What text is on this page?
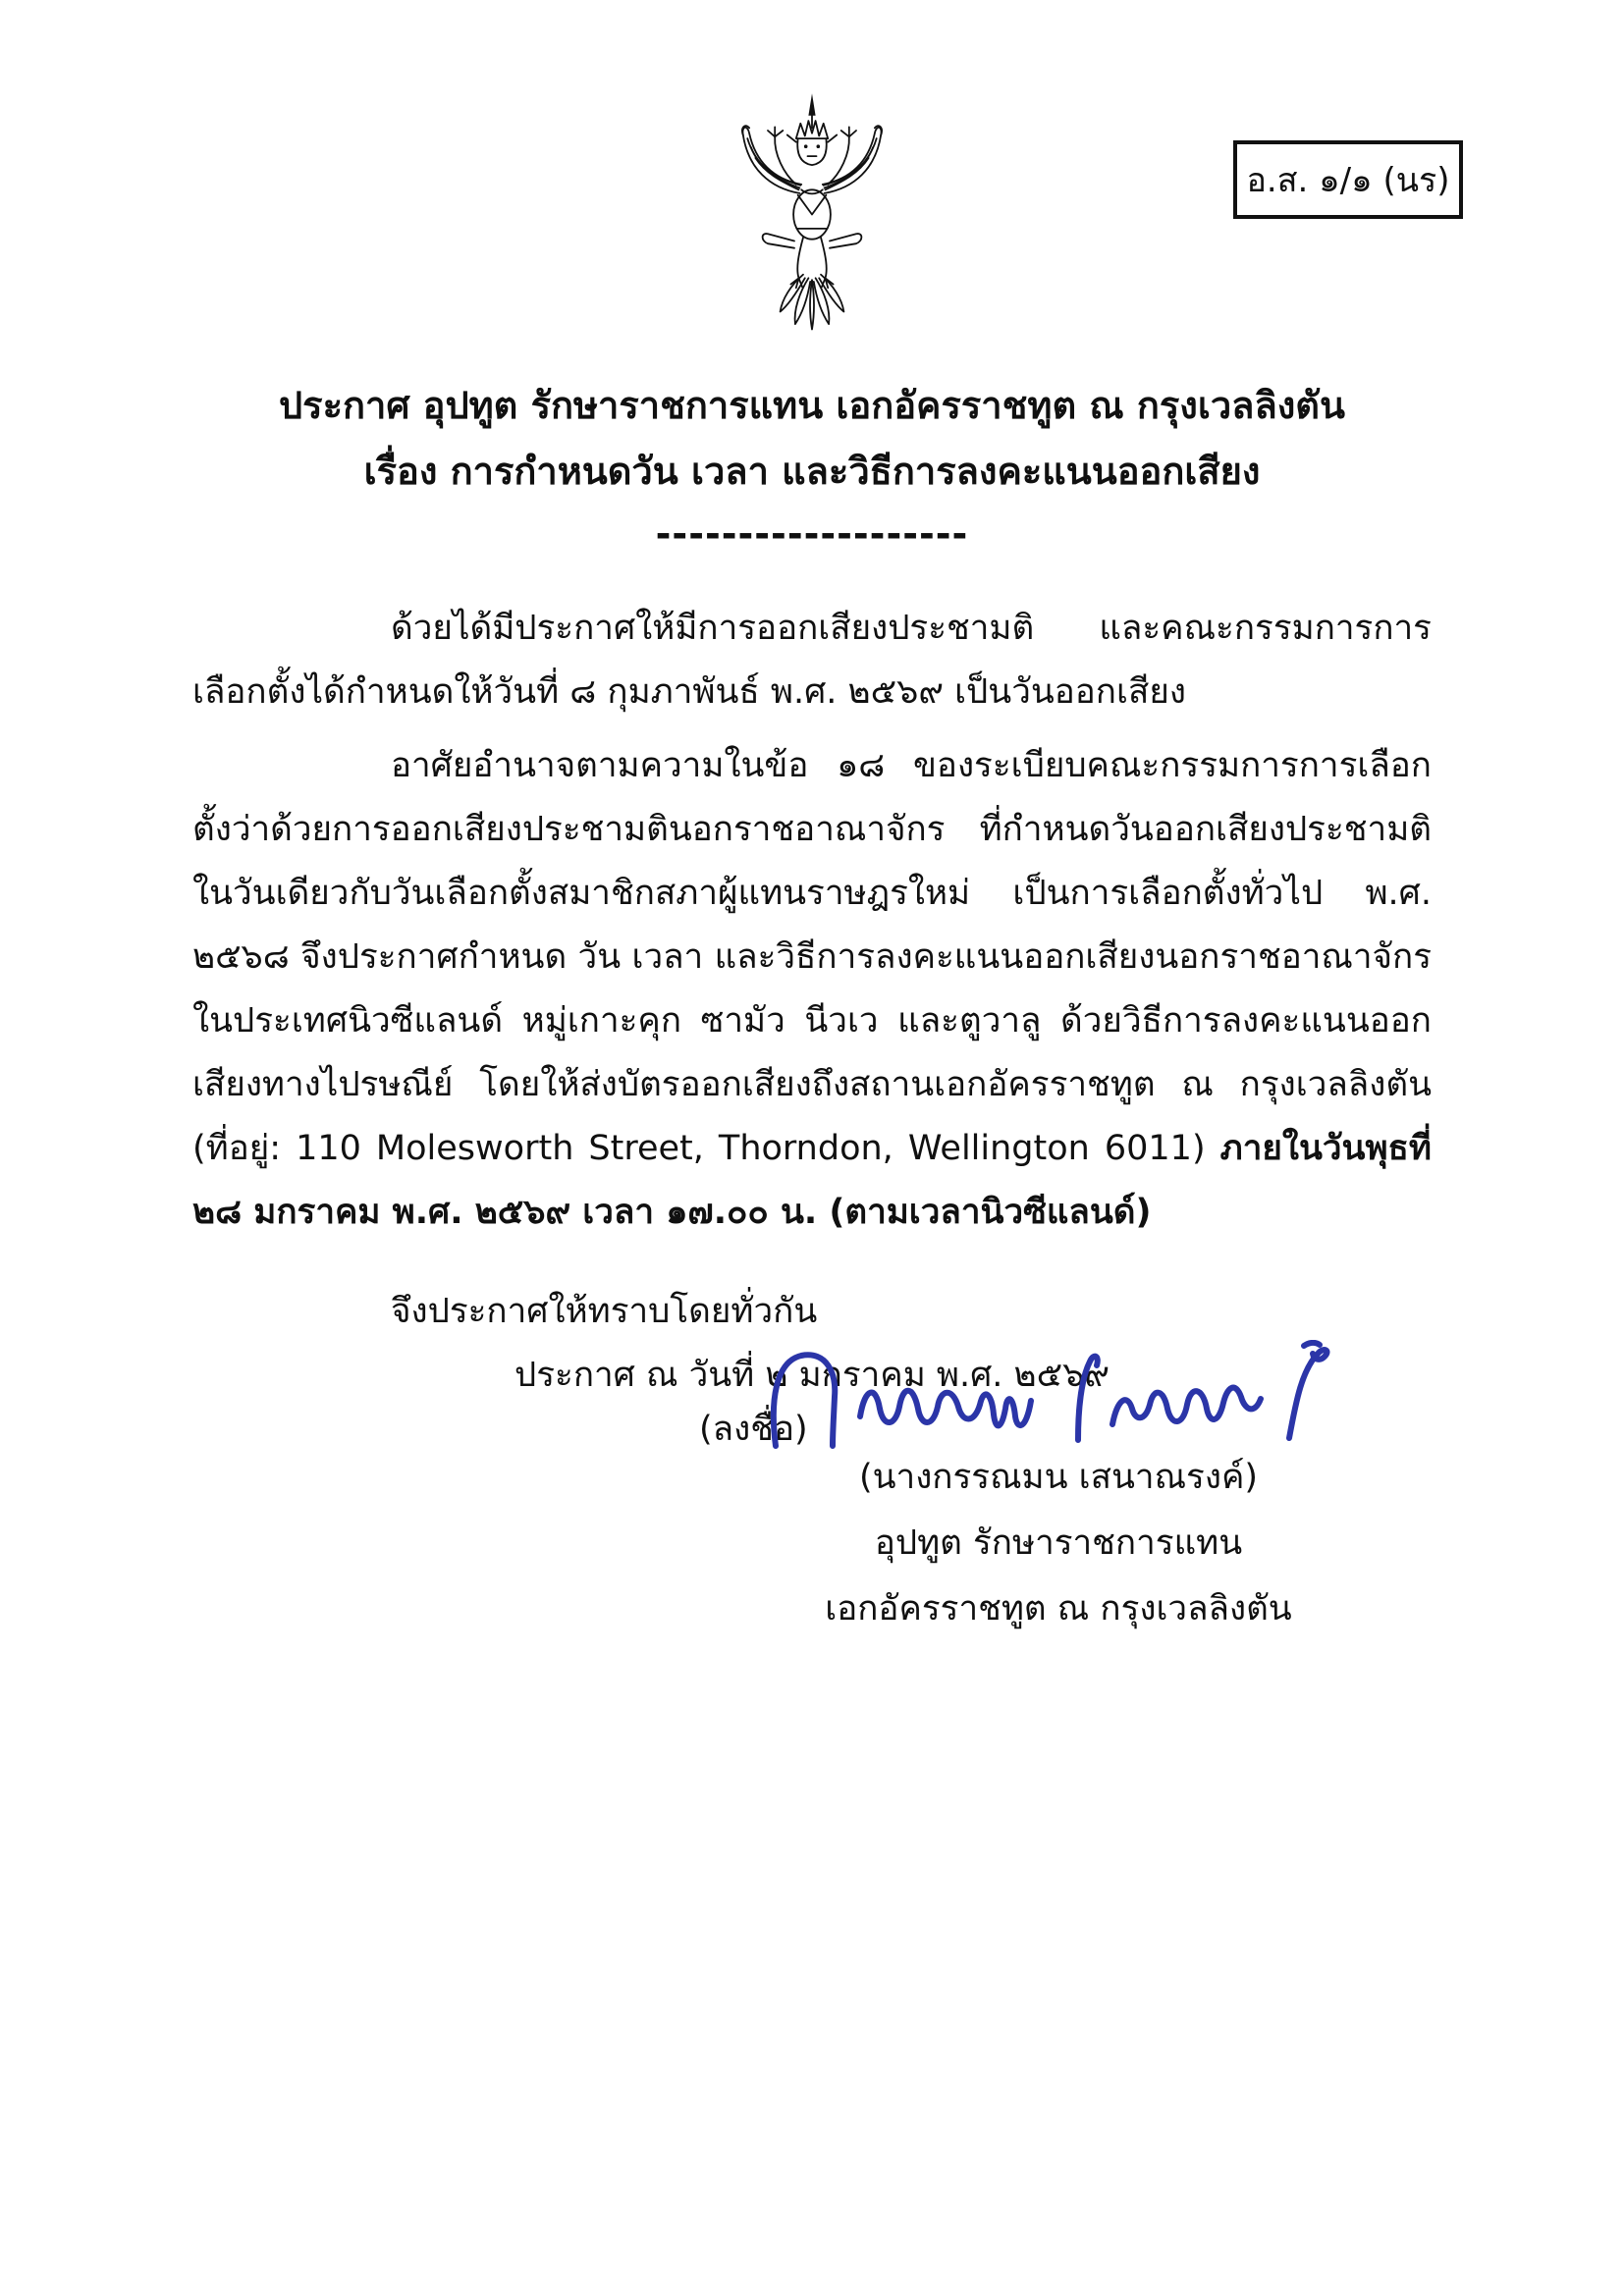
อ.ส. ๑/๑ (นร)
ประกาศ อุปทูต รักษาราชการแทน เอกอัครราชทูต ณ กรุงเวลลิงตัน
เรื่อง การกำหนดวัน เวลา และวิธีการลงคะแนนออกเสียง
-------------------

ด้วยได้มีประกาศให้มีการออกเสียงประชามติ และคณะกรรมการการเลือกตั้งได้กำหนดให้วันที่ ๘ กุมภาพันธ์ พ.ศ. ๒๕๖๙ เป็นวันออกเสียง

อาศัยอำนาจตามความในข้อ ๑๘ ของระเบียบคณะกรรมการการเลือกตั้งว่าด้วยการออกเสียงประชามตินอกราชอาณาจักร ที่กำหนดวันออกเสียงประชามติในวันเดียวกับวันเลือกตั้งสมาชิกสภาผู้แทนราษฎรใหม่ เป็นการเลือกตั้งทั่วไป พ.ศ. ๒๕๖๘ จึงประกาศกำหนด วัน เวลา และวิธีการลงคะแนนออกเสียงนอกราชอาณาจักรในประเทศนิวซีแลนด์ หมู่เกาะคุก ซามัว นีวเว และตูวาลู ด้วยวิธีการลงคะแนนออกเสียงทางไปรษณีย์ โดยให้ส่งบัตรออกเสียงถึงสถานเอกอัครราชทูต ณ กรุงเวลลิงตัน (ที่อยู่: 110 Molesworth Street, Thorndon, Wellington 6011) ภายในวันพุธที่ ๒๘ มกราคม พ.ศ. ๒๕๖๙ เวลา ๑๗.๐๐ น. (ตามเวลานิวซีแลนด์)

จึงประกาศให้ทราบโดยทั่วกัน

ประกาศ ณ วันที่ ๒ มกราคม พ.ศ. ๒๕๖๙

(ลงชื่อ)
(นางกรรณมน เสนาณรงค์)
อุปทูต รักษาราชการแทน
เอกอัครราชทูต ณ กรุงเวลลิงตัน
